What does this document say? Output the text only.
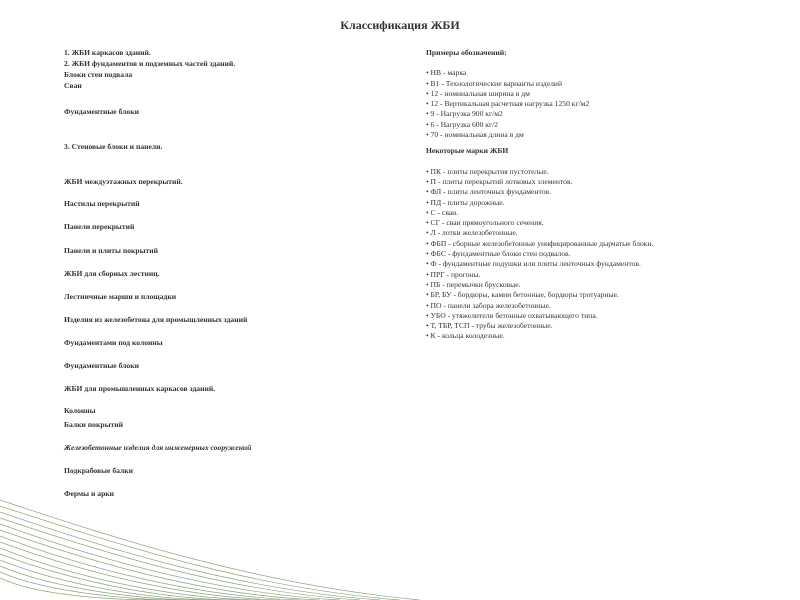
Классификация ЖБИ
1. ЖБИ каркасов зданий.
2. ЖБИ фундаментов и подземных частей зданий.
Блоки стен подвала
Сваи
Фундаментные блоки
3. Стеновые блоки и панели.
ЖБИ междуэтажных перекрытий.
Настилы перекрытий
Панели перекрытий
Панели и плиты покрытий
ЖБИ для сборных лестниц.
Лестничные марши и площадки
Изделия из железобетона для промышленных зданий
Фундаментами под колонны
Фундаментные блоки
ЖБИ для промышленных каркасов зданий.
Колонны
Балки покрытий
Железобетонные изделия для инженерных сооружений
Подкрабовые балки
Фермы и арки
Примеры обозначений:
• НВ - марка
• В1 - Технологические варианты изделий
• 12 - номинальная ширина в дм
• 12 - Вертикальная расчетная нагрузка 1250 кг/м2
• 9 - Нагрузка 900 кг/м2
• 6 - Нагрузка 600 кг/2
• 70 - номинальная длина в дм
Некоторые марки ЖБИ
• ПК - плиты перекрытия пустотелые.
• П - плиты перекрытий лотковых элементов.
• ФЛ - плиты ленточных фундаментов.
• ПД - плиты дорожные.
• С - сваи.
• СГ - сваи прямоугольного сечения.
• Л - лотки железобетонные.
• ФБП - сборные железобетонные унифицированные дырчатые блоки.
• ФБС - фундаментные блоки стен подвалов.
• Ф - фундаментные подушки или плиты ленточных фундаментов.
• ПРГ - прогоны.
• ПБ - перемычки брусковые.
• БР, БУ - бордюры, камни бетонные, бордюры тротуарные.
• ПО - панели забора железобетонные.
• УБО - утяжелители бетонные охватывающего типа.
• Т, ТБР, ТСП - трубы железобетонные.
• К - кольца колодезные.
